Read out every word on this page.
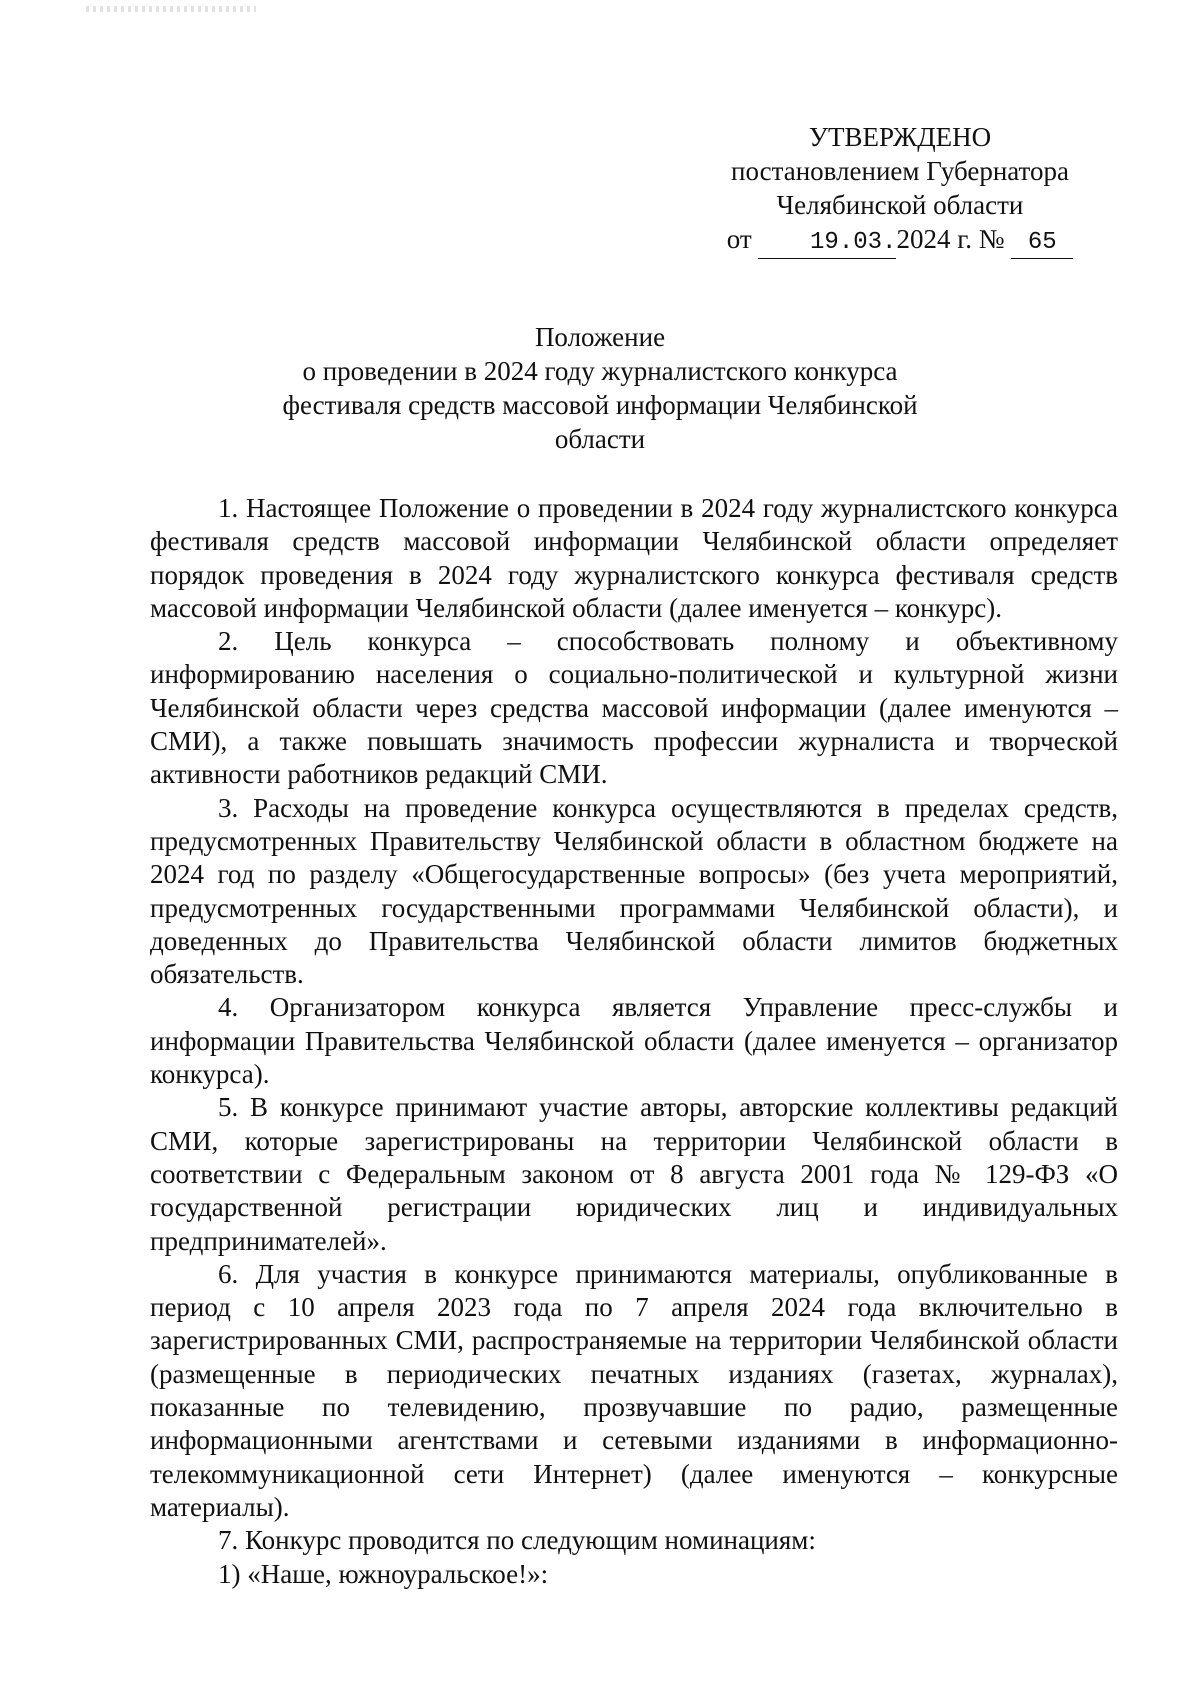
УТВЕРЖДЕНО
постановлением Губернатора
Челябинской области
от 19.03.2024 г. № 65
Положение
о проведении в 2024 году журналистского конкурса
фестиваля средств массовой информации Челябинской
области

1. Настоящее Положение о проведении в 2024 году журналистского конкурса фестиваля средств массовой информации Челябинской области определяет порядок проведения в 2024 году журналистского конкурса фестиваля средств массовой информации Челябинской области (далее именуется – конкурс).

2. Цель конкурса – способствовать полному и объективному информированию населения о социально-политической и культурной жизни Челябинской области через средства массовой информации (далее именуются – СМИ), а также повышать значимость профессии журналиста и творческой активности работников редакций СМИ.

3. Расходы на проведение конкурса осуществляются в пределах средств, предусмотренных Правительству Челябинской области в областном бюджете на 2024 год по разделу «Общегосударственные вопросы» (без учета мероприятий, предусмотренных государственными программами Челябинской области), и доведенных до Правительства Челябинской области лимитов бюджетных обязательств.

4. Организатором конкурса является Управление пресс-службы и информации Правительства Челябинской области (далее именуется – организатор конкурса).

5. В конкурсе принимают участие авторы, авторские коллективы редакций СМИ, которые зарегистрированы на территории Челябинской области в соответствии с Федеральным законом от 8 августа 2001 года № 129-ФЗ «О государственной регистрации юридических лиц и индивидуальных предпринимателей».

6. Для участия в конкурсе принимаются материалы, опубликованные в период с 10 апреля 2023 года по 7 апреля 2024 года включительно в зарегистрированных СМИ, распространяемые на территории Челябинской области (размещенные в периодических печатных изданиях (газетах, журналах), показанные по телевидению, прозвучавшие по радио, размещенные информационными агентствами и сетевыми изданиями в информационно-телекоммуникационной сети Интернет) (далее именуются – конкурсные материалы).

7. Конкурс проводится по следующим номинациям:

1) «Наше, южноуральское!»:
